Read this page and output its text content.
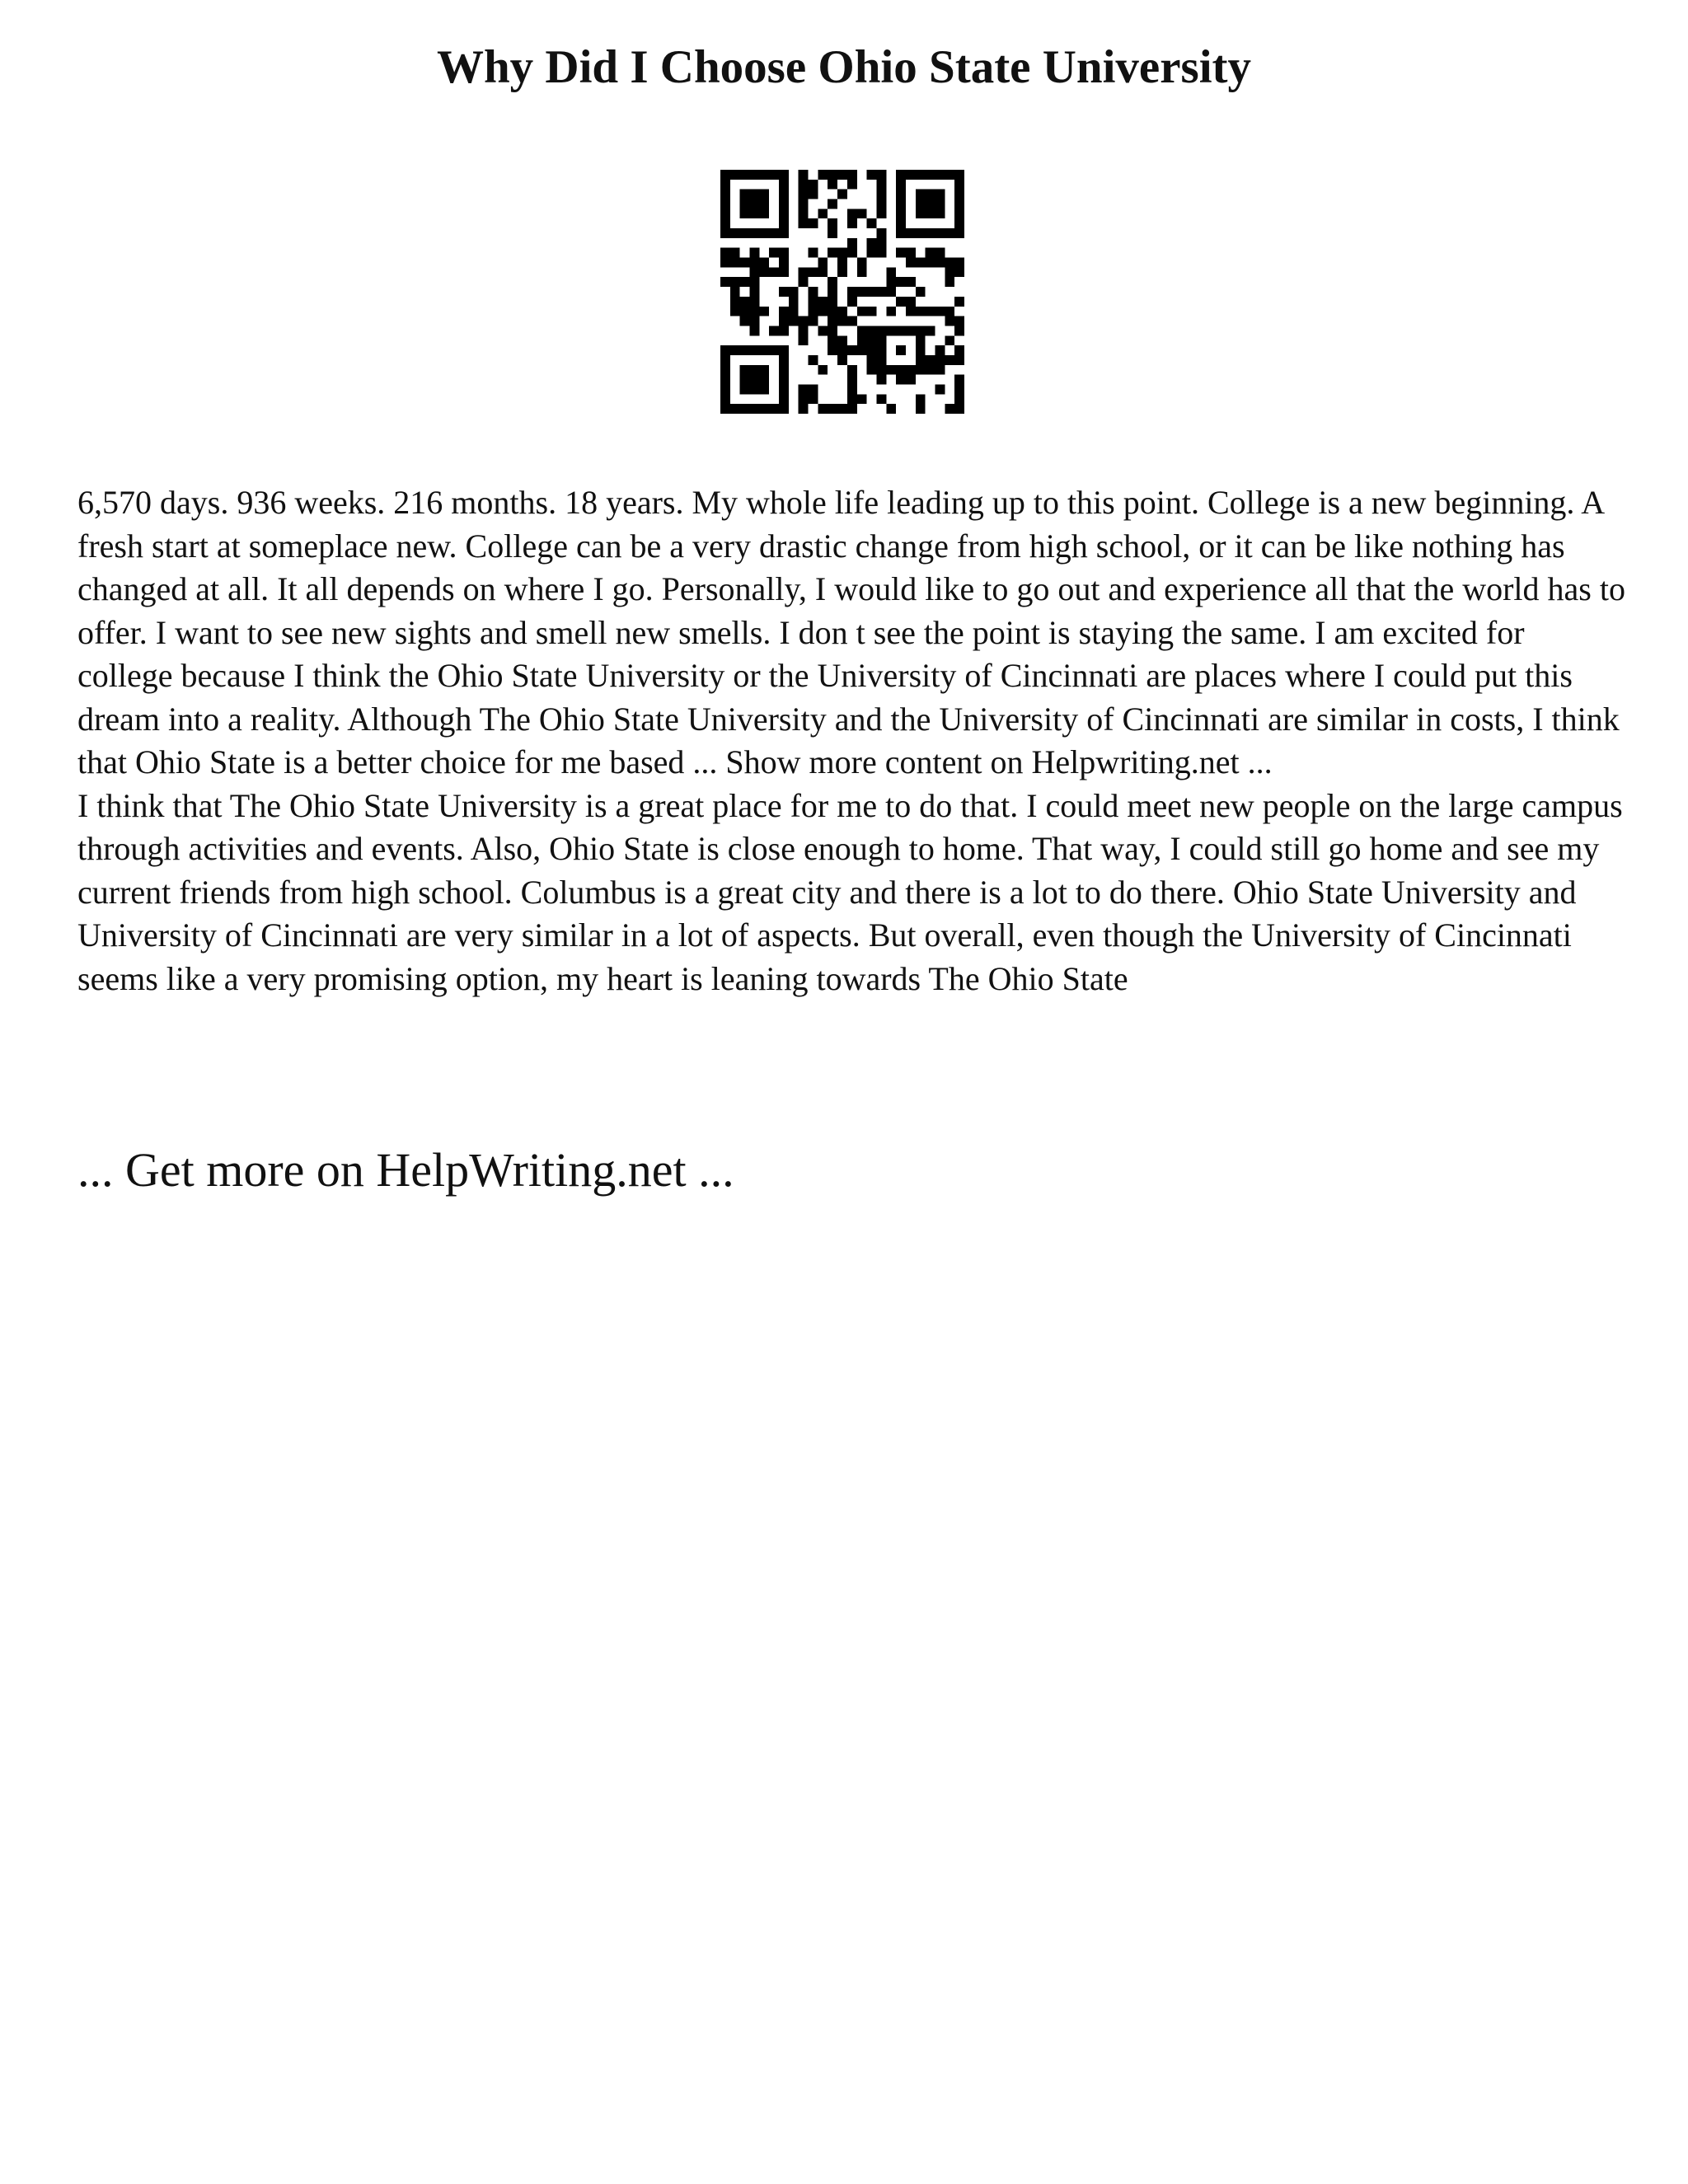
Why Did I Choose Ohio State University

6,570 days. 936 weeks. 216 months. 18 years. My whole life leading up to this point. College is a new beginning. A fresh start at someplace new. College can be a very drastic change from high school, or it can be like nothing has changed at all. It all depends on where I go. Personally, I would like to go out and experience all that the world has to offer. I want to see new sights and smell new smells. I don t see the point is staying the same. I am excited for college because I think the Ohio State University or the University of Cincinnati are places where I could put this dream into a reality. Although The Ohio State University and the University of Cincinnati are similar in costs, I think that Ohio State is a better choice for me based ... Show more content on Helpwriting.net ...

I think that The Ohio State University is a great place for me to do that. I could meet new people on the large campus through activities and events. Also, Ohio State is close enough to home. That way, I could still go home and see my current friends from high school. Columbus is a great city and there is a lot to do there. Ohio State University and University of Cincinnati are very similar in a lot of aspects. But overall, even though the University of Cincinnati seems like a very promising option, my heart is leaning towards The Ohio State

... Get more on HelpWriting.net ...
